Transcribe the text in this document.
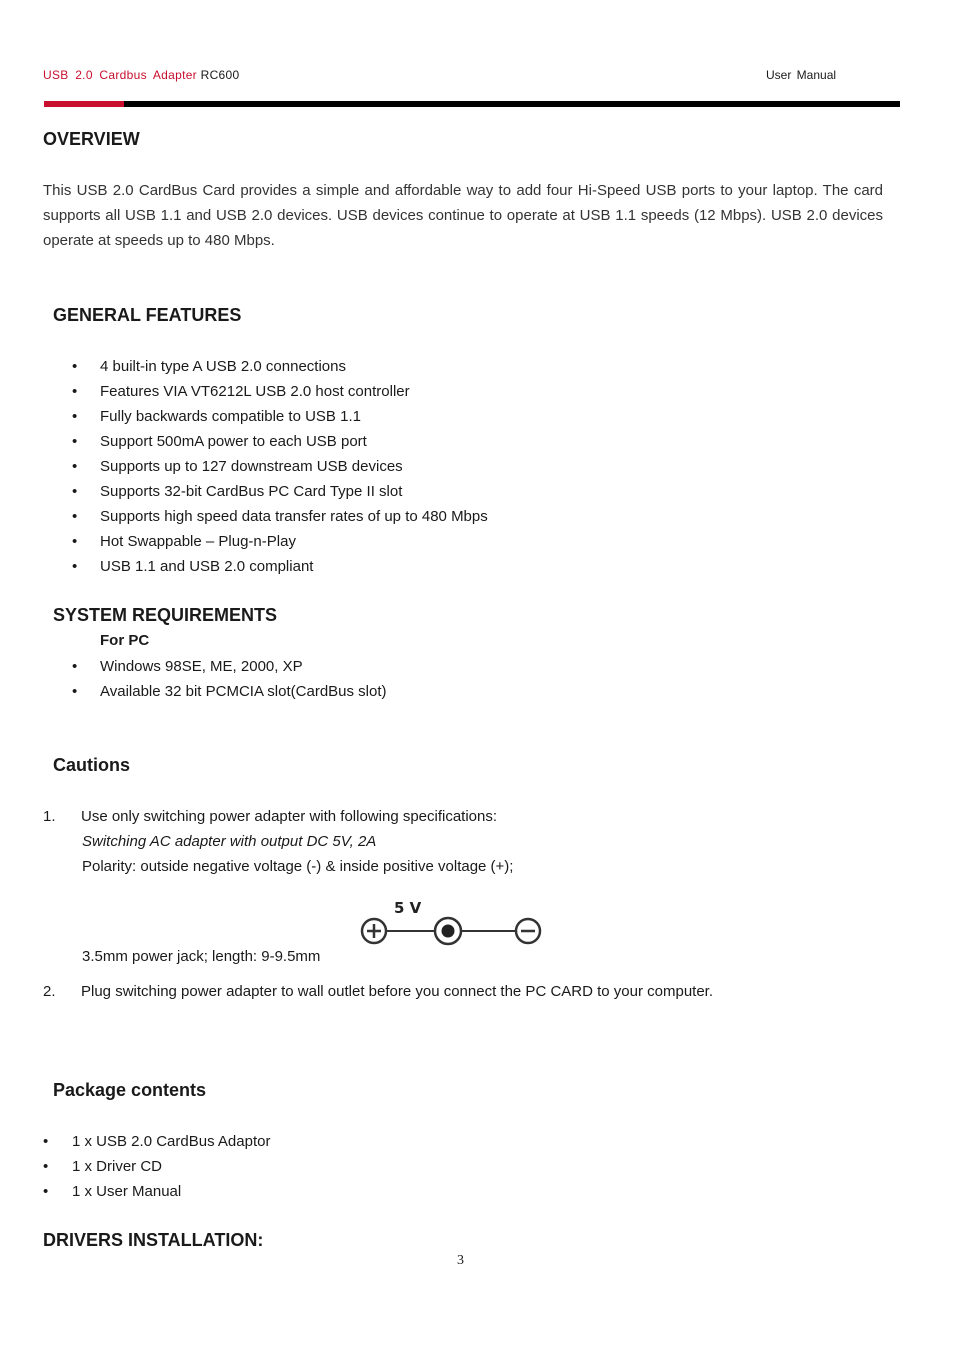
USB 2.0 Cardbus Adapter RC600	User Manual
OVERVIEW
This USB 2.0 CardBus Card provides a simple and affordable way to add four Hi-Speed USB ports to your laptop. The card supports all USB 1.1 and USB 2.0 devices. USB devices continue to operate at USB 1.1 speeds (12 Mbps). USB 2.0 devices operate at speeds up to 480 Mbps.
GENERAL FEATURES
• 4 built-in type A USB 2.0 connections
• Features VIA VT6212L USB 2.0 host controller
• Fully backwards compatible to USB 1.1
• Support 500mA power to each USB port
• Supports up to 127 downstream USB devices
• Supports 32-bit CardBus PC Card Type II slot
• Supports high speed data transfer rates of up to 480 Mbps
• Hot Swappable – Plug-n-Play
• USB 1.1 and USB 2.0 compliant
SYSTEM REQUIREMENTS
For PC
• Windows 98SE, ME, 2000, XP
• Available 32 bit PCMCIA slot(CardBus slot)
Cautions
1. Use only switching power adapter with following specifications:
Switching AC adapter with output DC 5V, 2A
Polarity: outside negative voltage (-) & inside positive voltage (+);
5 V
3.5mm power jack; length: 9-9.5mm
2. Plug switching power adapter to wall outlet before you connect the PC CARD to your computer.
Package contents
• 1 x USB 2.0 CardBus Adaptor
• 1 x Driver CD
• 1 x User Manual
DRIVERS INSTALLATION:
3
